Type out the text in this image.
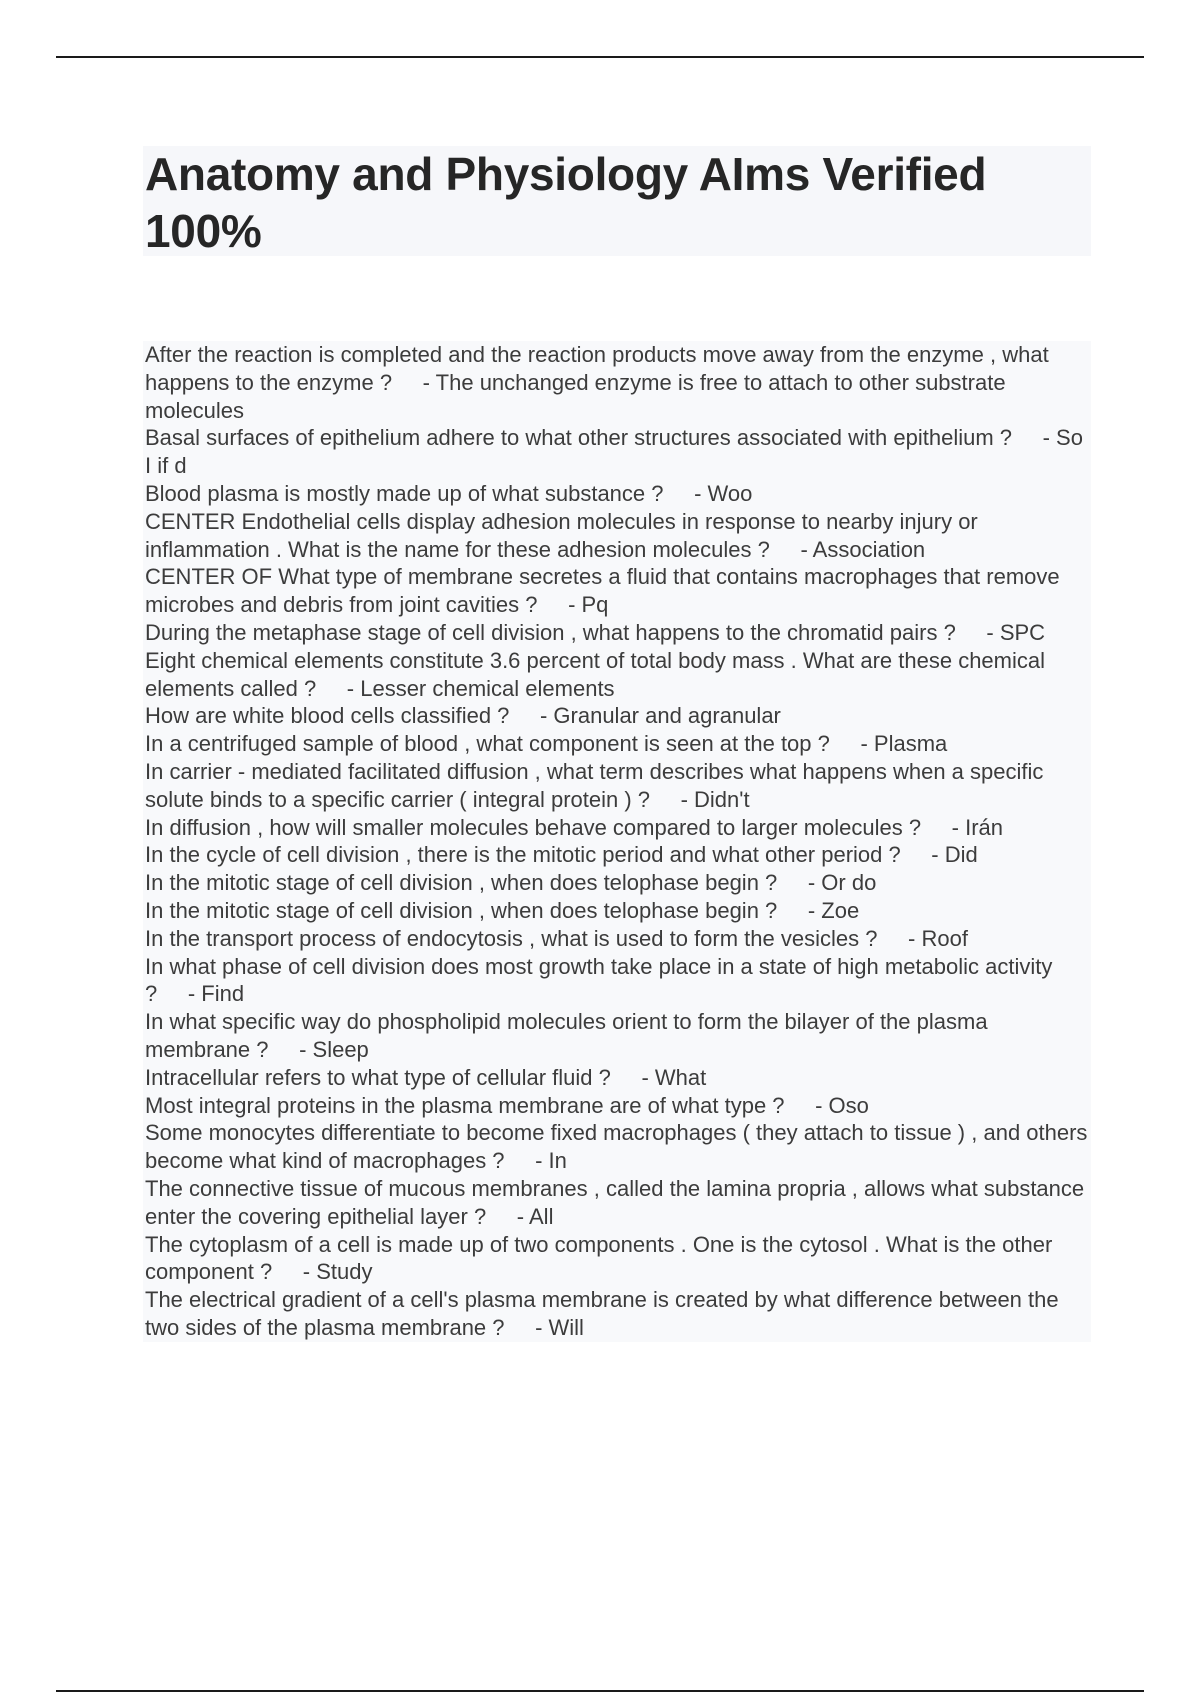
Anatomy and Physiology AIms Verified 100%

After the reaction is completed and the reaction products move away from the enzyme , what happens to the enzyme ? - The unchanged enzyme is free to attach to other substrate molecules

Basal surfaces of epithelium adhere to what other structures associated with epithelium ? - So I if d

Blood plasma is mostly made up of what substance ? - Woo

CENTER Endothelial cells display adhesion molecules in response to nearby injury or inflammation . What is the name for these adhesion molecules ? - Association

CENTER OF What type of membrane secretes a fluid that contains macrophages that remove microbes and debris from joint cavities ? - Pq

During the metaphase stage of cell division , what happens to the chromatid pairs ? - SPC

Eight chemical elements constitute 3.6 percent of total body mass . What are these chemical elements called ? - Lesser chemical elements

How are white blood cells classified ? - Granular and agranular

In a centrifuged sample of blood , what component is seen at the top ? - Plasma

In carrier - mediated facilitated diffusion , what term describes what happens when a specific solute binds to a specific carrier ( integral protein ) ? - Didn't

In diffusion , how will smaller molecules behave compared to larger molecules ? - Irán

In the cycle of cell division , there is the mitotic period and what other period ? - Did

In the mitotic stage of cell division , when does telophase begin ? - Or do

In the mitotic stage of cell division , when does telophase begin ? - Zoe

In the transport process of endocytosis , what is used to form the vesicles ? - Roof

In what phase of cell division does most growth take place in a state of high metabolic activity ? - Find

In what specific way do phospholipid molecules orient to form the bilayer of the plasma membrane ? - Sleep

Intracellular refers to what type of cellular fluid ? - What

Most integral proteins in the plasma membrane are of what type ? - Oso

Some monocytes differentiate to become fixed macrophages ( they attach to tissue ) , and others become what kind of macrophages ? - In

The connective tissue of mucous membranes , called the lamina propria , allows what substance enter the covering epithelial layer ? - All

The cytoplasm of a cell is made up of two components . One is the cytosol . What is the other component ? - Study

The electrical gradient of a cell's plasma membrane is created by what difference between the two sides of the plasma membrane ? - Will
